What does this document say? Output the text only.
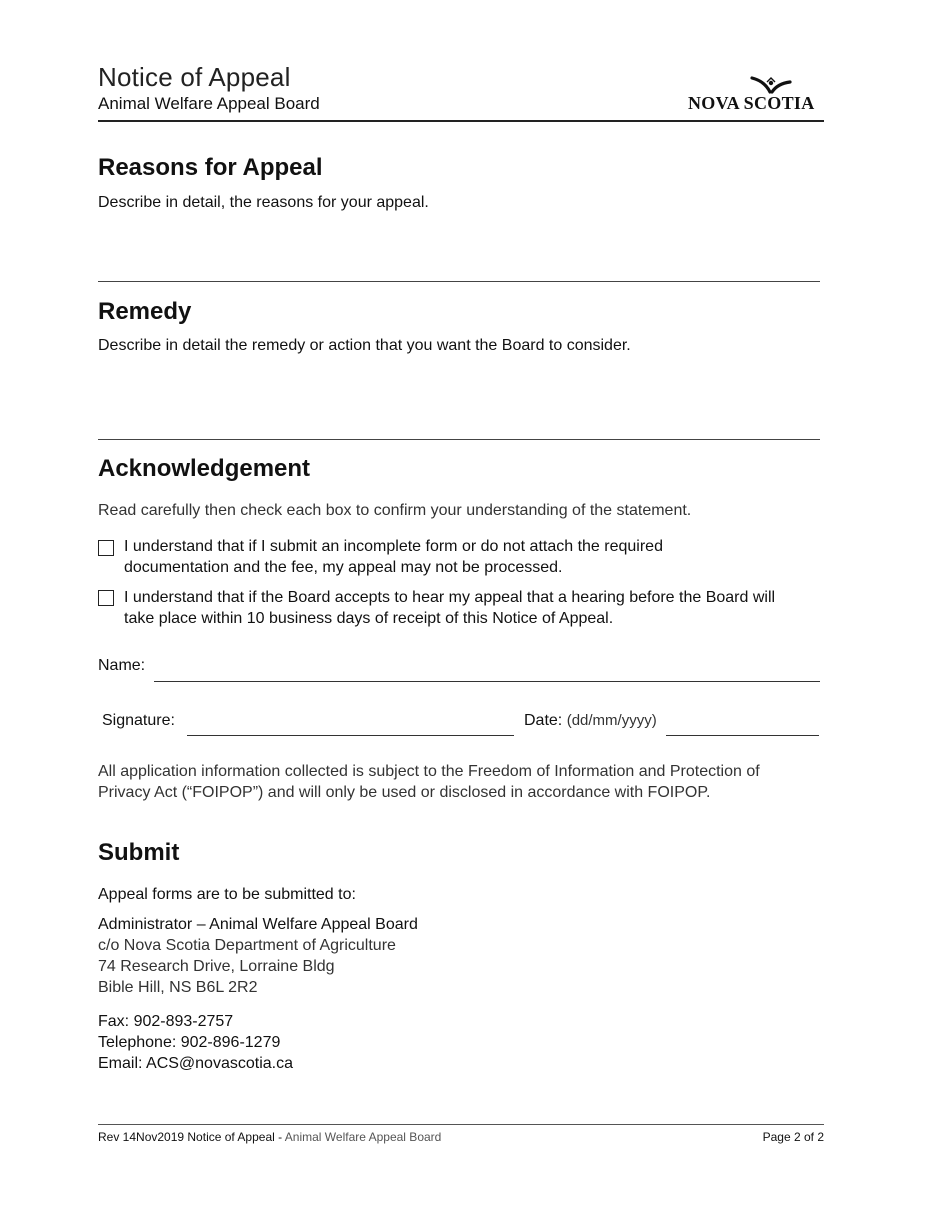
Notice of Appeal
Animal Welfare Appeal Board	NOVA SCOTIA
Reasons for Appeal
Describe in detail, the reasons for your appeal.
Remedy
Describe in detail the remedy or action that you want the Board to consider.
Acknowledgement
Read carefully then check each box to confirm your understanding of the statement.
I understand that if I submit an incomplete form or do not attach the required
documentation and the fee, my appeal may not be processed.
I understand that if the Board accepts to hear my appeal that a hearing before the Board will
take place within 10 business days of receipt of this Notice of Appeal.
Name:
Signature:	Date: (dd/mm/yyyy)
All application information collected is subject to the Freedom of Information and Protection of
Privacy Act (“FOIPOP”) and will only be used or disclosed in accordance with FOIPOP.
Submit
Appeal forms are to be submitted to:
Administrator – Animal Welfare Appeal Board
c/o Nova Scotia Department of Agriculture
74 Research Drive, Lorraine Bldg
Bible Hill, NS B6L 2R2
Fax: 902-893-2757
Telephone: 902-896-1279
Email: ACS@novascotia.ca
Rev 14Nov2019 Notice of Appeal - Animal Welfare Appeal Board	Page 2 of 2
